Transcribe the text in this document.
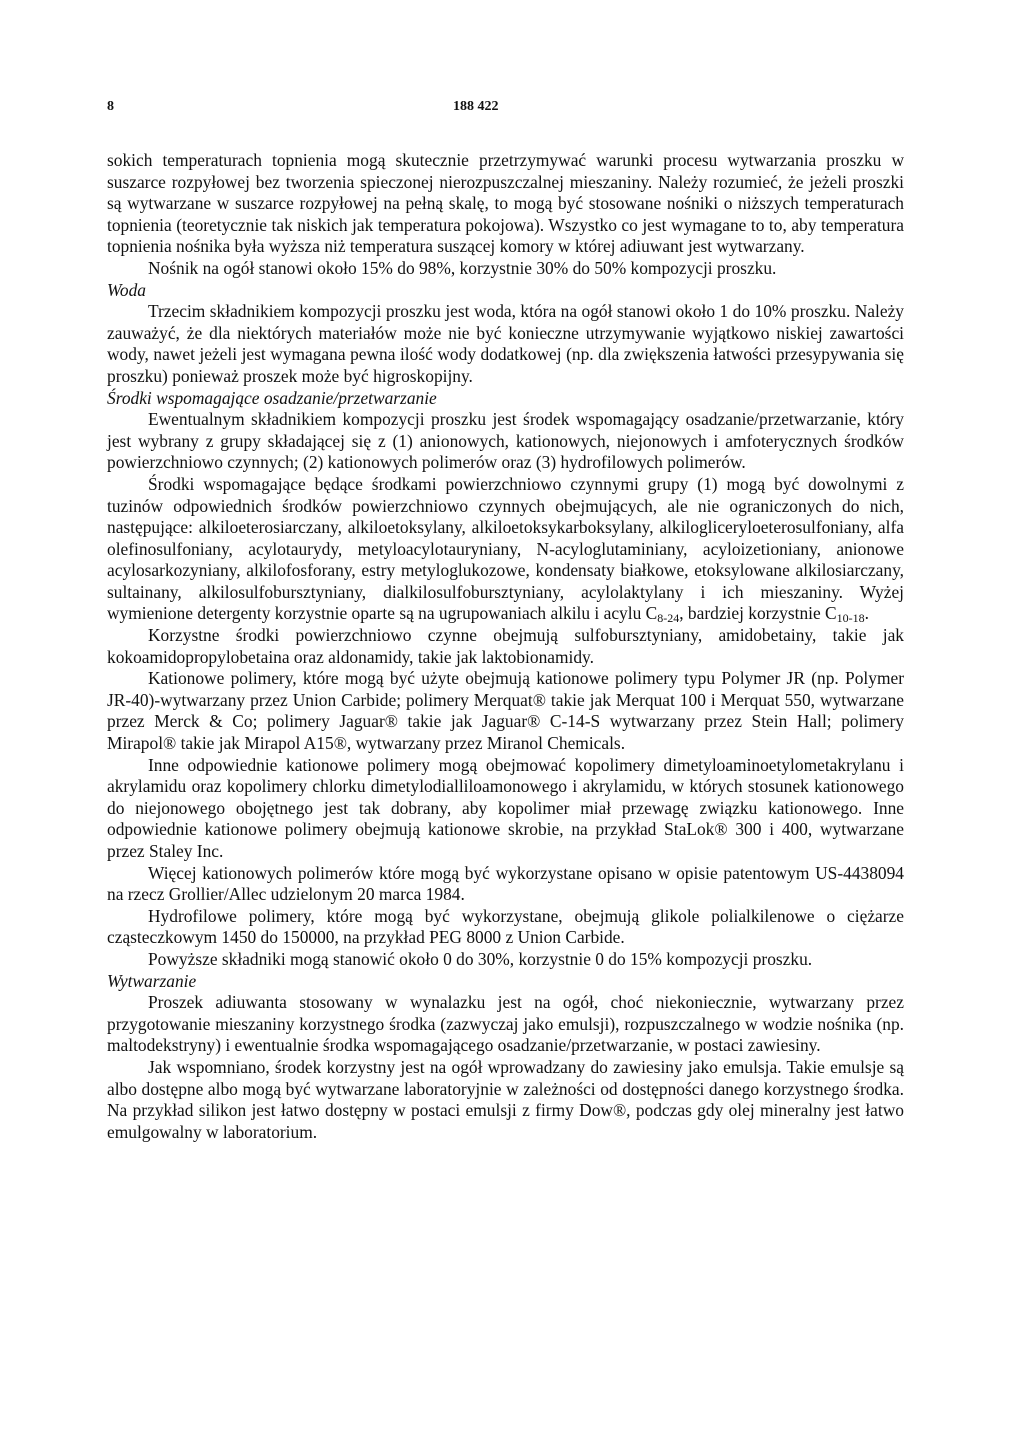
8	188 422

sokich temperaturach topnienia mogą skutecznie przetrzymywać warunki procesu wytwarzania proszku w suszarce rozpyłowej bez tworzenia spieczonej nierozpuszczalnej mieszaniny. Należy rozumieć, że jeżeli proszki są wytwarzane w suszarce rozpyłowej na pełną skalę, to mogą być stosowane nośniki o niższych temperaturach topnienia (teoretycznie tak niskich jak temperatura pokojowa). Wszystko co jest wymagane to to, aby temperatura topnienia nośnika była wyższa niż temperatura suszącej komory w której adiuwant jest wytwarzany.

Nośnik na ogół stanowi około 15% do 98%, korzystnie 30% do 50% kompozycji proszku.

Woda

Trzecim składnikiem kompozycji proszku jest woda, która na ogół stanowi około 1 do 10% proszku. Należy zauważyć, że dla niektórych materiałów może nie być konieczne utrzymywanie wyjątkowo niskiej zawartości wody, nawet jeżeli jest wymagana pewna ilość wody dodatkowej (np. dla zwiększenia łatwości przesypywania się proszku) ponieważ proszek może być higroskopijny.

Środki wspomagające osadzanie/przetwarzanie

Ewentualnym składnikiem kompozycji proszku jest środek wspomagający osadzanie/przetwarzanie, który jest wybrany z grupy składającej się z (1) anionowych, kationowych, niejonowych i amfoterycznych środków powierzchniowo czynnych; (2) kationowych polimerów oraz (3) hydrofilowych polimerów.

Środki wspomagające będące środkami powierzchniowo czynnymi grupy (1) mogą być dowolnymi z tuzinów odpowiednich środków powierzchniowo czynnych obejmujących, ale nie ograniczonych do nich, następujące: alkiloeterosiarczany, alkiloetoksylany, alkiloetoksykarboksylany, alkilogliceryloeterosulfoniany, alfa olefinosulfoniany, acylotaurydy, metyloacylotauryniany, N-acyloglutaminiany, acyloizetioniany, anionowe acylosarkozyniany, alkilofosforany, estry metyloglukozowe, kondensaty białkowe, etoksylowane alkilosiarczany, sultainany, alkilosulfobursztyniany, dialkilosulfobursztyniany, acylolaktylany i ich mieszaniny. Wyżej wymienione detergenty korzystnie oparte są na ugrupowaniach alkilu i acylu $C_{8-24}$, bardziej korzystnie $C_{10-18}$.

Korzystne środki powierzchniowo czynne obejmują sulfobursztyniany, amidobetainy, takie jak kokoamidopropylobetaina oraz aldonamidy, takie jak laktobionamidy.

Kationowe polimery, które mogą być użyte obejmują kationowe polimery typu Polymer JR (np. Polymer JR-40)-wytwarzany przez Union Carbide; polimery Merquat® takie jak Merquat 100 i Merquat 550, wytwarzane przez Merck & Co; polimery Jaguar® takie jak Jaguar® C-14-S wytwarzany przez Stein Hall; polimery Mirapol® takie jak Mirapol A15®, wytwarzany przez Miranol Chemicals.

Inne odpowiednie kationowe polimery mogą obejmować kopolimery dimetyloaminoetylometakrylanu i akrylamidu oraz kopolimery chlorku dimetylodialliloamonowego i akrylamidu, w których stosunek kationowego do niejonowego obojętnego jest tak dobrany, aby kopolimer miał przewagę związku kationowego. Inne odpowiednie kationowe polimery obejmują kationowe skrobie, na przykład StaLok® 300 i 400, wytwarzane przez Staley Inc.

Więcej kationowych polimerów które mogą być wykorzystane opisano w opisie patentowym US-4438094 na rzecz Grollier/Allec udzielonym 20 marca 1984.

Hydrofilowe polimery, które mogą być wykorzystane, obejmują glikole polialkilenowe o ciężarze cząsteczkowym 1450 do 150000, na przykład PEG 8000 z Union Carbide.

Powyższe składniki mogą stanowić około 0 do 30%, korzystnie 0 do 15% kompozycji proszku.

Wytwarzanie

Proszek adiuwanta stosowany w wynalazku jest na ogół, choć niekoniecznie, wytwarzany przez przygotowanie mieszaniny korzystnego środka (zazwyczaj jako emulsji), rozpuszczalnego w wodzie nośnika (np. maltodekstryny) i ewentualnie środka wspomagającego osadzanie/przetwarzanie, w postaci zawiesiny.

Jak wspomniano, środek korzystny jest na ogół wprowadzany do zawiesiny jako emulsja. Takie emulsje są albo dostępne albo mogą być wytwarzane laboratoryjnie w zależności od dostępności danego korzystnego środka. Na przykład silikon jest łatwo dostępny w postaci emulsji z firmy Dow®, podczas gdy olej mineralny jest łatwo emulgowalny w laboratorium.
